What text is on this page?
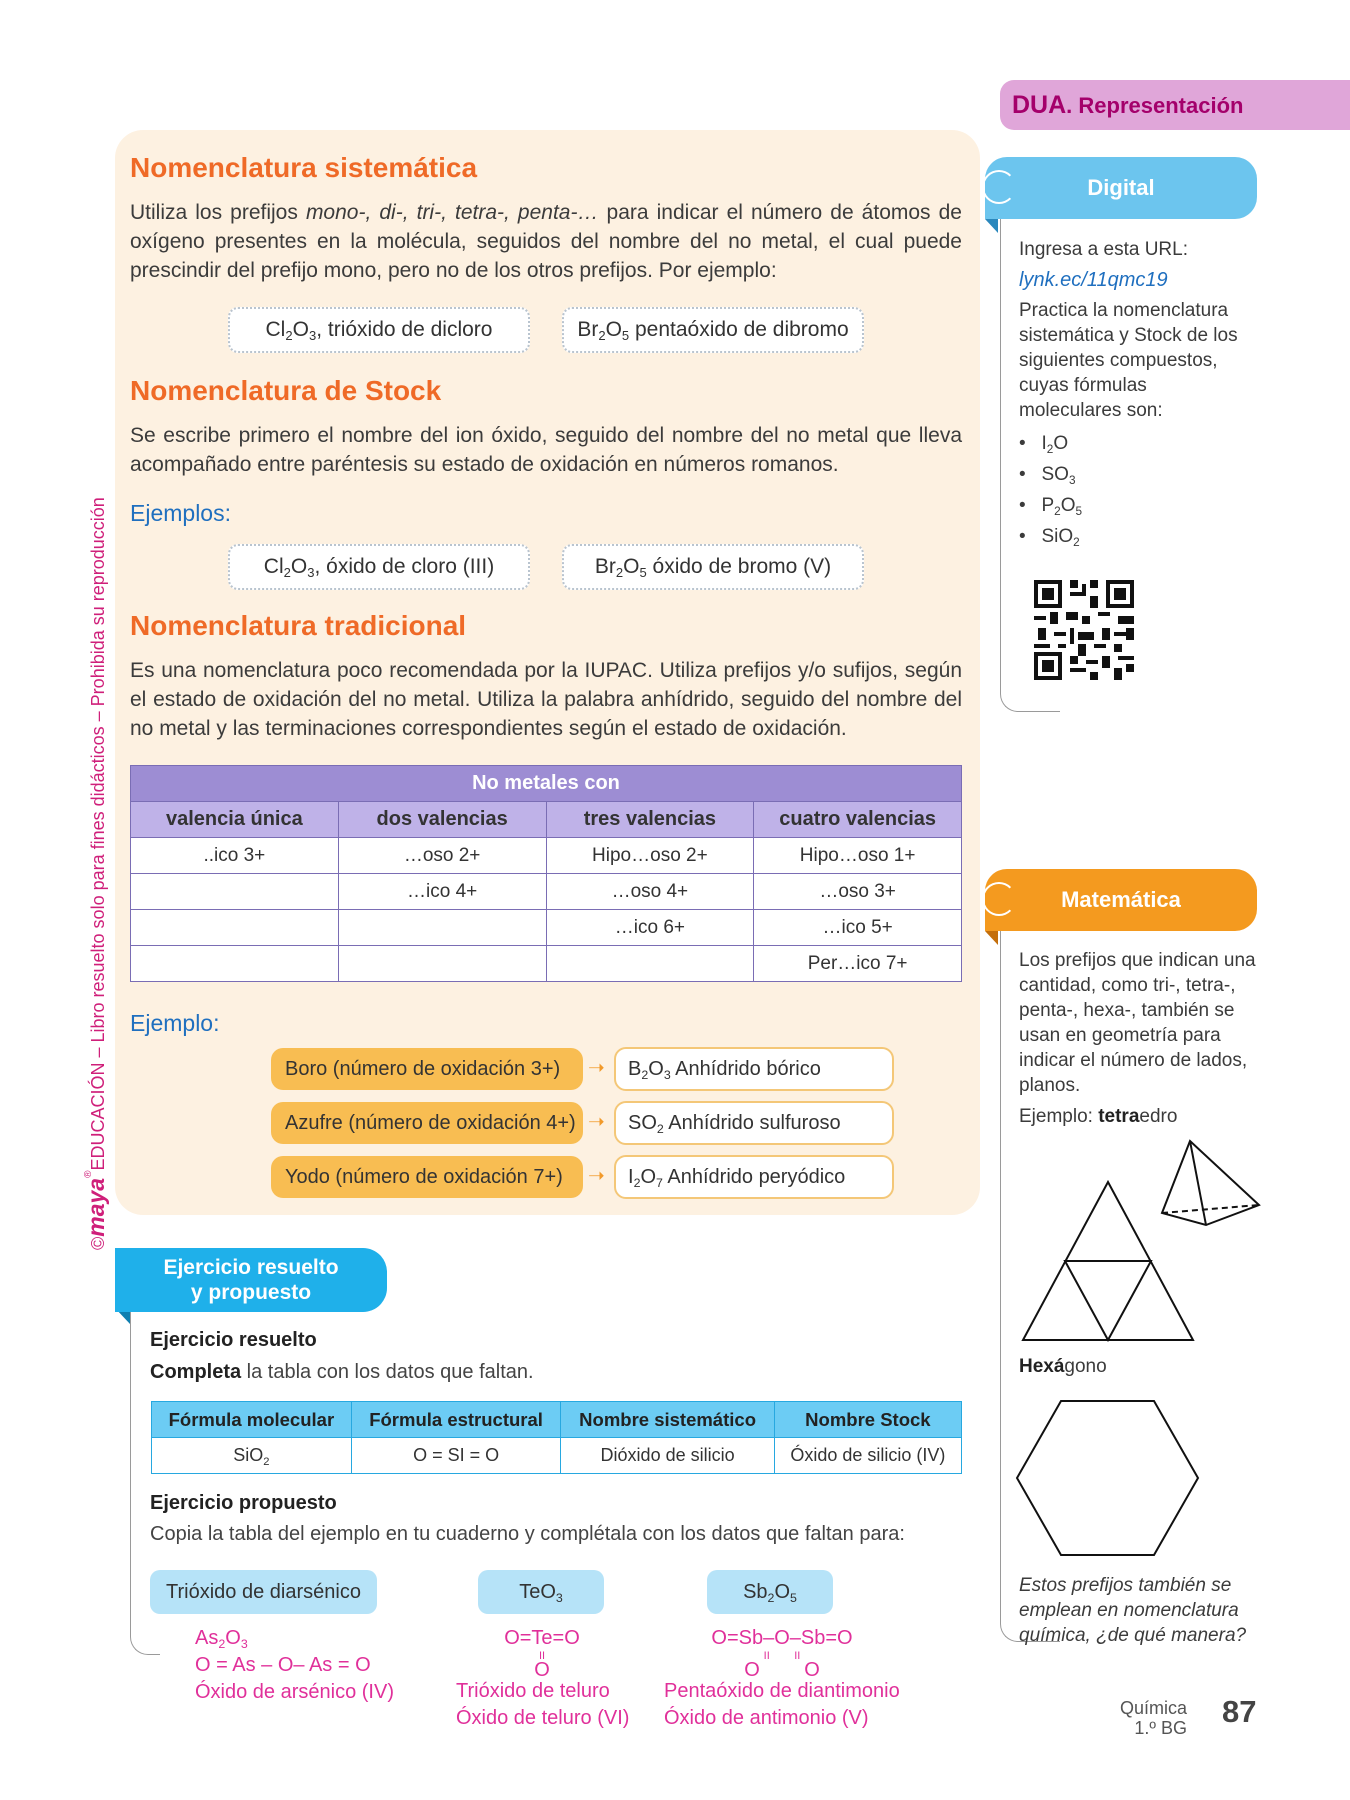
©maya®EDUCACIÓN – Libro resuelto solo para fines didácticos – Prohibida su reproducción
DUA. Representación
Nomenclatura sistemática
Utiliza los prefijos mono-, di-, tri-, tetra-, penta-… para indicar el número de átomos de oxígeno presentes en la molécula, seguidos del nombre del no metal, el cual puede prescindir del prefijo mono, pero no de los otros prefijos. Por ejemplo:
$Cl_2O_3$, trióxido de dicloro	$Br_2O_5$ pentaóxido de dibromo
Nomenclatura de Stock
Se escribe primero el nombre del ion óxido, seguido del nombre del no metal que lleva acompañado entre paréntesis su estado de oxidación en números romanos.
Ejemplos:
$Cl_2O_3$, óxido de cloro (III)	$Br_2O_5$ óxido de bromo (V)
Nomenclatura tradicional
Es una nomenclatura poco recomendada por la IUPAC. Utiliza prefijos y/o sufijos, según el estado de oxidación del no metal. Utiliza la palabra anhídrido, seguido del nombre del no metal y las terminaciones correspondientes según el estado de oxidación.
No metales con			
valencia única	dos valencias	tres valencias	cuatro valencias
..ico 3+	…oso 2+	Hipo…oso 2+	Hipo…oso 1+
	…ico 4+	…oso 4+	…oso 3+
		…ico 6+	…ico 5+
			Per…ico 7+
Ejemplo:
Boro (número de oxidación 3+)	➝	$B_2O_3$ Anhídrido bórico
Azufre (número de oxidación 4+) ➝	$SO_2$ Anhídrido sulfuroso
Yodo (número de oxidación 7+)	➝	$I_2O_7$ Anhídrido peryódico
Ejercicio resuelto
y propuesto
Ejercicio resuelto
Completa la tabla con los datos que faltan.
Fórmula molecular	Fórmula estructural	Nombre sistemático	Nombre Stock
SiO$_2$	O = SI = O	Dióxido de silicio	Óxido de silicio (IV)
Ejercicio propuesto
Copia la tabla del ejemplo en tu cuaderno y complétala con los datos que faltan para:
Trióxido de diarsénico	TeO$_3$	$Sb_2O_5$
$As_2O_3$
O = As – O– As = O
Óxido de arsénico (IV)
O=Te=O
II
O
Trióxido de teluro
Óxido de teluro (VI)
O=Sb–O–Sb=O
II        II
O        O
Pentaóxido de diantimonio
Óxido de antimonio (V)
Digital
Ingresa a esta URL:
lynk.ec/11qmc19
Practica la nomenclatura sistemática y Stock de los siguientes compuestos, cuyas fórmulas moleculares son:
•   $I_2O$
•   $SO_3$
•   $P_2O_5$
•   SiO$_2$
Matemática
Los prefijos que indican una cantidad, como tri-, tetra-, penta-, hexa-, también se usan en geometría para indicar el número de lados, planos.
Ejemplo: tetraedro
Hexágono
Estos prefijos también se emplean en nomenclatura química, ¿de qué manera?
Química
1.º BG 87
